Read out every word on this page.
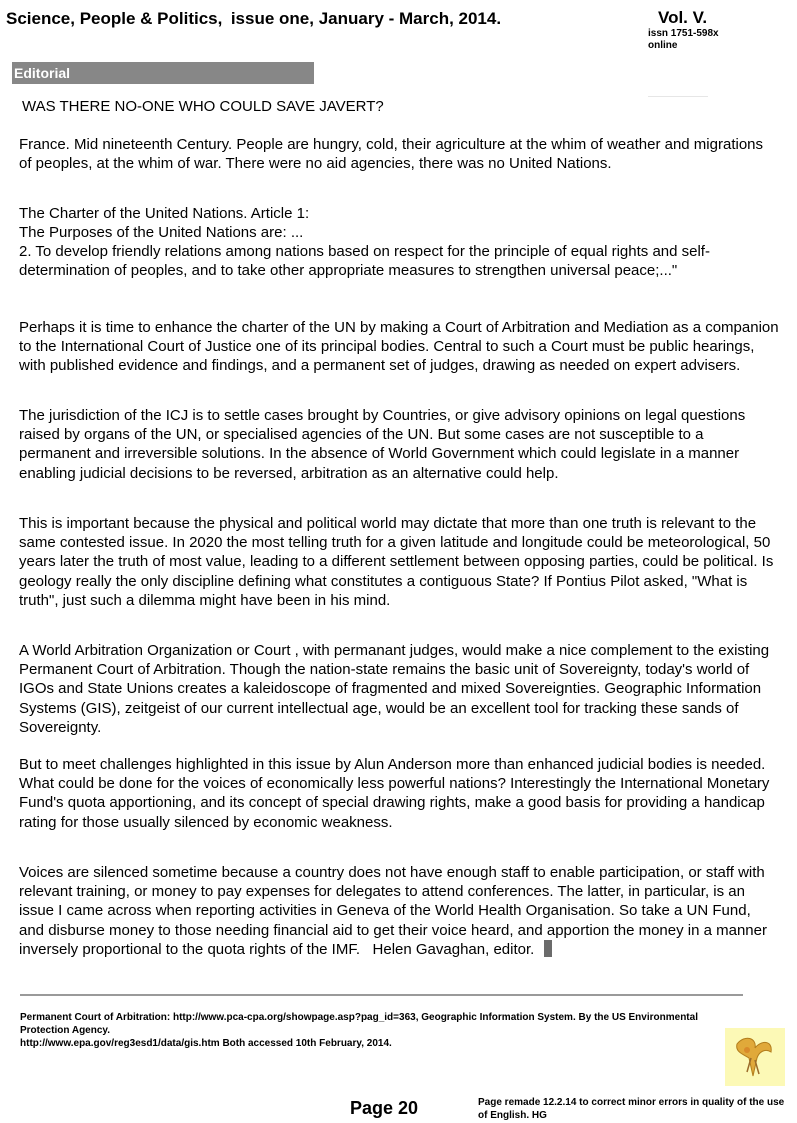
Science, People & Politics, issue one, January - March, 2014.	Vol. V.
issn 1751-598x
online
Editorial
WAS THERE NO-ONE WHO COULD SAVE JAVERT?
France. Mid nineteenth Century. People are hungry, cold, their agriculture at the whim of weather and migrations of peoples, at the whim of war. There were no aid agencies, there was no United Nations.
The Charter of the United Nations. Article 1:
The Purposes of the United Nations are: ...
2. To develop friendly relations among nations based on respect for the principle of equal rights and self-determination of peoples, and to take other appropriate measures to strengthen universal peace;..."
Perhaps it is time to enhance the charter of the UN by making a Court of Arbitration and Mediation as a companion to the International Court of Justice one of its principal bodies. Central to such a Court must be public hearings, with published evidence and findings, and a permanent set of judges, drawing as needed on expert advisers.
The jurisdiction of the ICJ is to settle cases brought by Countries, or give advisory opinions on legal questions raised by organs of the UN, or specialised agencies of the UN. But some cases are not susceptible to a permanent and irreversible solutions. In the absence of World Government which could legislate in a manner enabling judicial decisions to be reversed, arbitration as an alternative could help.
This is important because the physical and political world may dictate that more than one truth is relevant to the same contested issue. In 2020 the most telling truth for a given latitude and longitude could be meteorological, 50 years later the truth of most value, leading to a different settlement between opposing parties, could be political. Is geology really the only discipline defining what constitutes a contiguous State? If Pontius Pilot asked, "What is truth", just such a dilemma might have been in his mind.
A World Arbitration Organization or Court , with permanant judges, would make a nice complement to the existing Permanent Court of Arbitration. Though the nation-state remains the basic unit of Sovereignty, today's world of IGOs and State Unions creates a kaleidoscope of fragmented and mixed Sovereignties. Geographic Information Systems (GIS), zeitgeist of our current intellectual age, would be an excellent tool for tracking these sands of Sovereignty.
But to meet challenges highlighted in this issue by Alun Anderson more than enhanced judicial bodies is needed. What could be done for the voices of economically less powerful nations? Interestingly the International Monetary Fund's quota apportioning, and its concept of special drawing rights, make a good basis for providing a handicap rating for those usually silenced by economic weakness.
Voices are silenced sometime because a country does not have enough staff to enable participation, or staff with relevant training, or money to pay expenses for delegates to attend conferences. The latter, in particular, is an issue I came across when reporting activities in Geneva of the World Health Organisation. So take a UN Fund, and disburse money to those needing financial aid to get their voice heard, and apportion the money in a manner inversely proportional to the quota rights of the IMF. Helen Gavaghan, editor.
Permanent Court of Arbitration: http://www.pca-cpa.org/showpage.asp?pag_id=363, Geographic Information System. By the US Environmental Protection Agency.
http://www.epa.gov/reg3esd1/data/gis.htm Both accessed 10th February, 2014.
Page 20	Page remade 12.2.14 to correct minor errors in quality of the use of English. HG
